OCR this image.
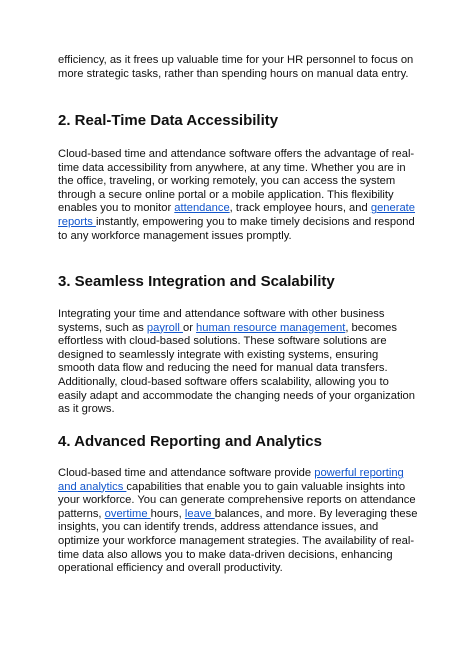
efficiency, as it frees up valuable time for your HR personnel to focus on more strategic tasks, rather than spending hours on manual data entry.

2. Real-Time Data Accessibility

Cloud-based time and attendance software offers the advantage of real-time data accessibility from anywhere, at any time. Whether you are in the office, traveling, or working remotely, you can access the system through a secure online portal or a mobile application. This flexibility enables you to monitor attendance, track employee hours, and generate reports instantly, empowering you to make timely decisions and respond to any workforce management issues promptly.

3. Seamless Integration and Scalability

Integrating your time and attendance software with other business systems, such as payroll or human resource management, becomes effortless with cloud-based solutions. These software solutions are designed to seamlessly integrate with existing systems, ensuring smooth data flow and reducing the need for manual data transfers. Additionally, cloud-based software offers scalability, allowing you to easily adapt and accommodate the changing needs of your organization as it grows.

4. Advanced Reporting and Analytics

Cloud-based time and attendance software provide powerful reporting and analytics capabilities that enable you to gain valuable insights into your workforce. You can generate comprehensive reports on attendance patterns, overtime hours, leave balances, and more. By leveraging these insights, you can identify trends, address attendance issues, and optimize your workforce management strategies. The availability of real-time data also allows you to make data-driven decisions, enhancing operational efficiency and overall productivity.
